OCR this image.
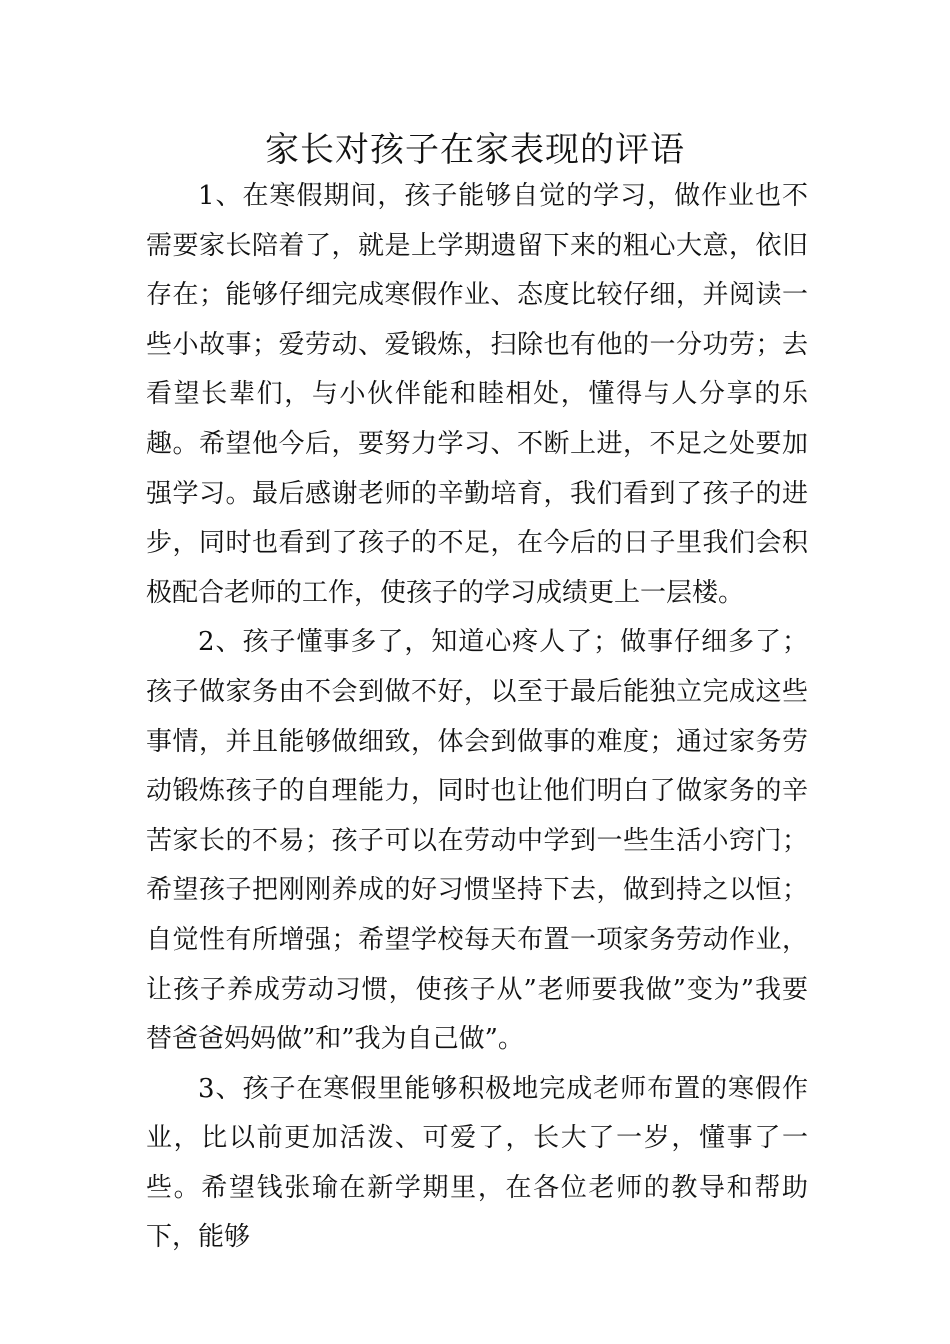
家长对孩子在家表现的评语

1、在寒假期间，孩子能够自觉的学习，做作业也不需要家长陪着了，就是上学期遗留下来的粗心大意，依旧存在；能够仔细完成寒假作业、态度比较仔细，并阅读一些小故事；爱劳动、爱锻炼，扫除也有他的一分功劳；去看望长辈们，与小伙伴能和睦相处，懂得与人分享的乐趣。希望他今后，要努力学习、不断上进，不足之处要加强学习。最后感谢老师的辛勤培育，我们看到了孩子的进步，同时也看到了孩子的不足，在今后的日子里我们会积极配合老师的工作，使孩子的学习成绩更上一层楼。

2、孩子懂事多了，知道心疼人了；做事仔细多了；孩子做家务由不会到做不好，以至于最后能独立完成这些事情，并且能够做细致，体会到做事的难度；通过家务劳动锻炼孩子的自理能力，同时也让他们明白了做家务的辛苦家长的不易；孩子可以在劳动中学到一些生活小窍门；希望孩子把刚刚养成的好习惯坚持下去，做到持之以恒；自觉性有所增强；希望学校每天布置一项家务劳动作业，让孩子养成劳动习惯，使孩子从”老师要我做”变为”我要替爸爸妈妈做”和”我为自己做”。

3、孩子在寒假里能够积极地完成老师布置的寒假作业，比以前更加活泼、可爱了，长大了一岁，懂事了一些。希望钱张瑜在新学期里，在各位老师的教导和帮助下，能够
